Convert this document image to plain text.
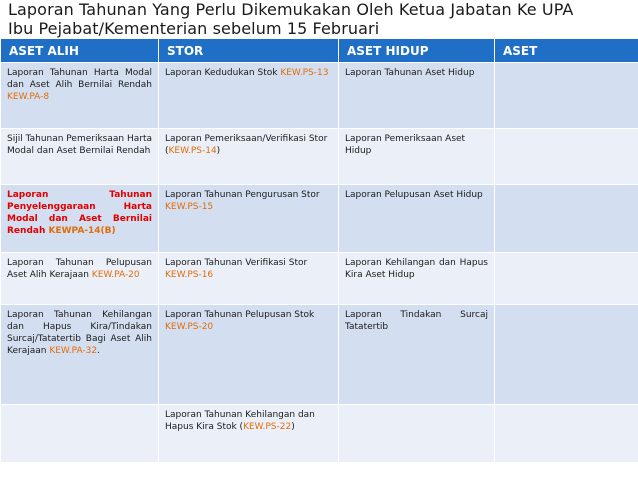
Laporan Tahunan Yang Perlu Dikemukakan Oleh Ketua Jabatan Ke UPA
Ibu Pejabat/Kementerian sebelum 15 Februari
ASET ALIH	STOR	ASET HIDUP	ASET
Laporan Tahunan Harta Modal dan Aset Alih Bernilai Rendah KEW.PA-8	Laporan Kedudukan Stok KEW.PS-13	Laporan Tahunan Aset Hidup	
Sijil Tahunan Pemeriksaan Harta Modal dan Aset Bernilai Rendah	Laporan Pemeriksaan/Verifikasi Stor (KEW.PS-14)	Laporan Pemeriksaan Aset Hidup	
Laporan Tahunan Penyelenggaraan Harta Modal dan Aset Bernilai Rendah KEWPA-14(B)	Laporan Tahunan Pengurusan Stor KEW.PS-15	Laporan Pelupusan Aset Hidup	
Laporan Tahunan Pelupusan Aset Alih Kerajaan KEW.PA-20	Laporan Tahunan Verifikasi Stor KEW.PS-16	Laporan Kehilangan dan Hapus Kira Aset Hidup	
Laporan Tahunan Kehilangan dan Hapus Kira/Tindakan Surcaj/Tatatertib Bagi Aset Alih Kerajaan KEW.PA-32.	Laporan Tahunan Pelupusan Stok KEW.PS-20	Laporan Tindakan Surcaj Tatatertib	
	Laporan Tahunan Kehilangan dan Hapus Kira Stok (KEW.PS-22)		
